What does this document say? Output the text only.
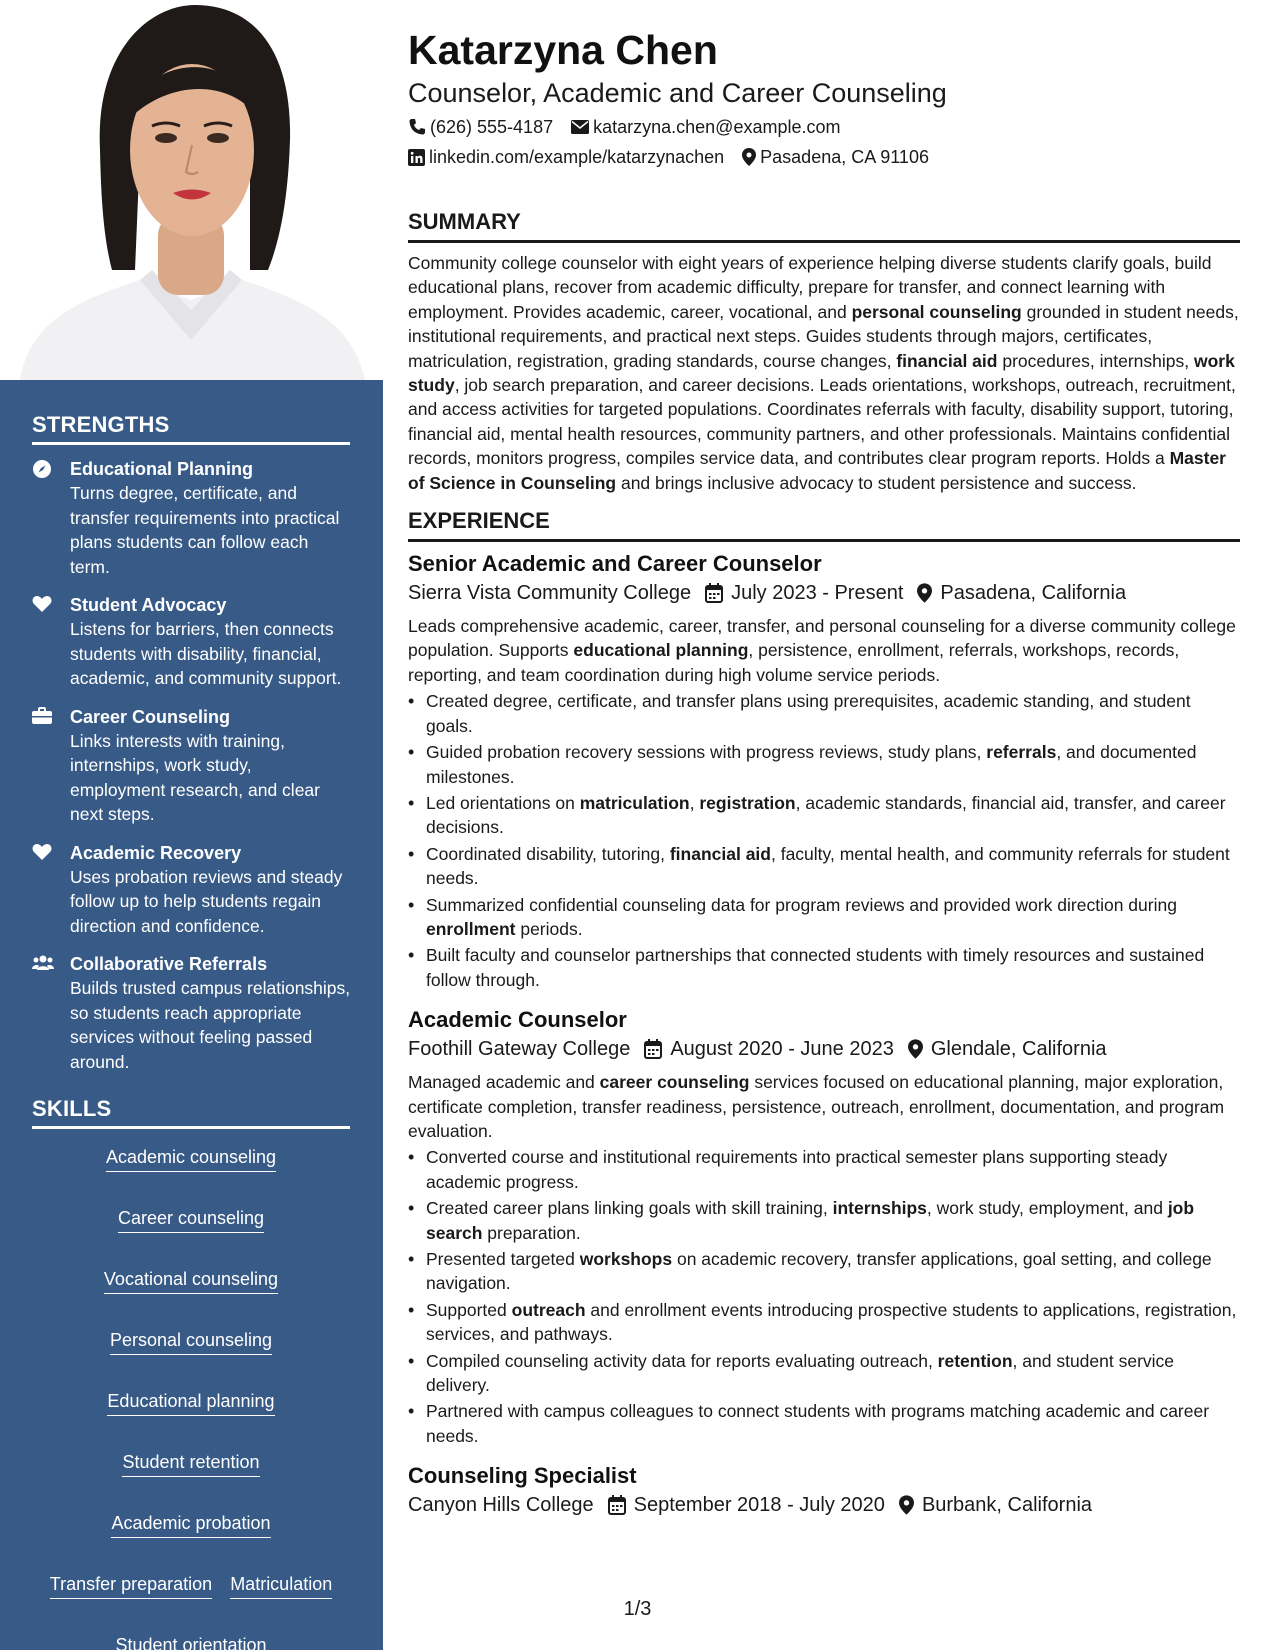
STRENGTHS
Educational Planning
Turns degree, certificate, and transfer requirements into practical plans students can follow each term.
Student Advocacy
Listens for barriers, then connects students with disability, financial, academic, and community support.
Career Counseling
Links interests with training, internships, work study, employment research, and clear next steps.
Academic Recovery
Uses probation reviews and steady follow up to help students regain direction and confidence.
Collaborative Referrals
Builds trusted campus relationships, so students reach appropriate services without feeling passed around.
SKILLS
Academic counseling
Career counseling
Vocational counseling
Personal counseling
Educational planning
Student retention
Academic probation
Transfer preparation Matriculation
Student orientation
Katarzyna Chen
Counselor, Academic and Career Counseling
(626) 555-4187 katarzyna.chen@example.com
linkedin.com/example/katarzynachen Pasadena, CA 91106
SUMMARY

Community college counselor with eight years of experience helping diverse students clarify goals, build educational plans, recover from academic difficulty, prepare for transfer, and connect learning with employment. Provides academic, career, vocational, and personal counseling grounded in student needs, institutional requirements, and practical next steps. Guides students through majors, certificates, matriculation, registration, grading standards, course changes, financial aid procedures, internships, work study, job search preparation, and career decisions. Leads orientations, workshops, outreach, recruitment, and access activities for targeted populations. Coordinates referrals with faculty, disability support, tutoring, financial aid, mental health resources, community partners, and other professionals. Maintains confidential records, monitors progress, compiles service data, and contributes clear program reports. Holds a Master of Science in Counseling and brings inclusive advocacy to student persistence and success.

EXPERIENCE
Senior Academic and Career Counselor
Sierra Vista Community College July 2023 - Present Pasadena, California

Leads comprehensive academic, career, transfer, and personal counseling for a diverse community college population. Supports educational planning, persistence, enrollment, referrals, workshops, records, reporting, and team coordination during high volume service periods.

• Created degree, certificate, and transfer plans using prerequisites, academic standing, and student goals.
• Guided probation recovery sessions with progress reviews, study plans, referrals, and documented milestones.
• Led orientations on matriculation, registration, academic standards, financial aid, transfer, and career decisions.
• Coordinated disability, tutoring, financial aid, faculty, mental health, and community referrals for student needs.
• Summarized confidential counseling data for program reviews and provided work direction during enrollment periods.
• Built faculty and counselor partnerships that connected students with timely resources and sustained follow through.
Academic Counselor
Foothill Gateway College August 2020 - June 2023 Glendale, California

Managed academic and career counseling services focused on educational planning, major exploration, certificate completion, transfer readiness, persistence, outreach, enrollment, documentation, and program evaluation.

• Converted course and institutional requirements into practical semester plans supporting steady academic progress.
• Created career plans linking goals with skill training, internships, work study, employment, and job search preparation.
• Presented targeted workshops on academic recovery, transfer applications, goal setting, and college navigation.
• Supported outreach and enrollment events introducing prospective students to applications, registration, services, and pathways.
• Compiled counseling activity data for reports evaluating outreach, retention, and student service delivery.
• Partnered with campus colleagues to connect students with programs matching academic and career needs.
Counseling Specialist
Canyon Hills College September 2018 - July 2020 Burbank, California
1/3
